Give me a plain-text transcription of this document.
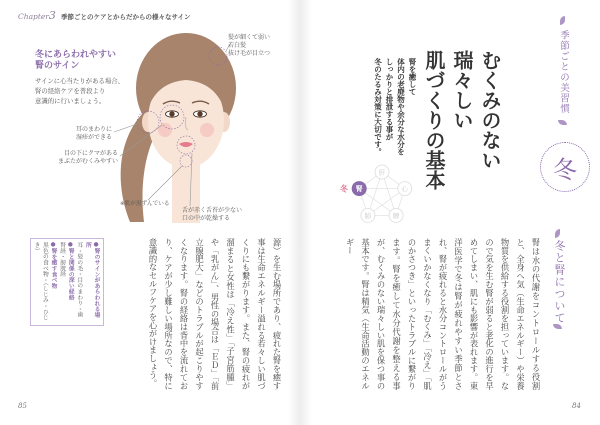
Chapter3 季節ごとのケアとからだからの様々なサイン
冬にあらわれやすい
腎のサイン
サインに心当たりがある場合、
腎の経絡ケアを普段より
意識的に行いましょう。
髪が細くて弱い
若白髪
抜け毛が目立つ
耳のまわりに
湿疹ができる
目の下にクマがある
まぶたがむくみやすい
※肌が黒ずんでいる
舌が赤く舌苔が少ない
口の中が乾燥する
●腎のサインがあらわれる場所
耳・髪の毛・目のまわり・歯
●腎と関係の深い経絡
腎経・膀胱経
●腎を癒す食べ物
黒色の食べ物・（しじみ・ひじき）	源）を生む場所であり、疲れた腎を癒す事は生命エネルギー溢れる若々しい肌づくりにも繋がります。また、腎の疲れが溜まると女性は「冷え性」「子宮筋腫」や「乳がん」、男性の場合は「ＥＤ」「前立腺肥大」などのトラブルが起こりやすくなります。腎の経絡は背中を流れており、ケアが少し難しい場所なので、特に意識的なセルフケアを心がけましょう。
85
季節ごとの美習慣
冬
むくみのない
瑞々しい
肌づくりの基本
腎を癒して
体内の老廃物や余分な水分を
しっかりと排泄する事が
冬のたるみ対策に大切です。
肝
心
脾
肺
腎
冬
冬と腎について
腎は水の代謝をコントロールする役割と、全身へ気（生命エネルギー）や栄養物質を供給する役割を担っています。なので気を生む腎が弱ると老化の進行を早めてしまい、肌にも影響が表れます。東洋医学で冬は腎が疲れやすい季節とされ、腎が疲れると水分コントロールがうまくいかなくなり「むくみ」「冷え」「肌のかさつき」といったトラブルに繋がります。腎を癒して水分代謝を整える事が、むくみのない瑞々しい肌を保つ事の基本です。腎は精気（生命活動のエネルギー
84
